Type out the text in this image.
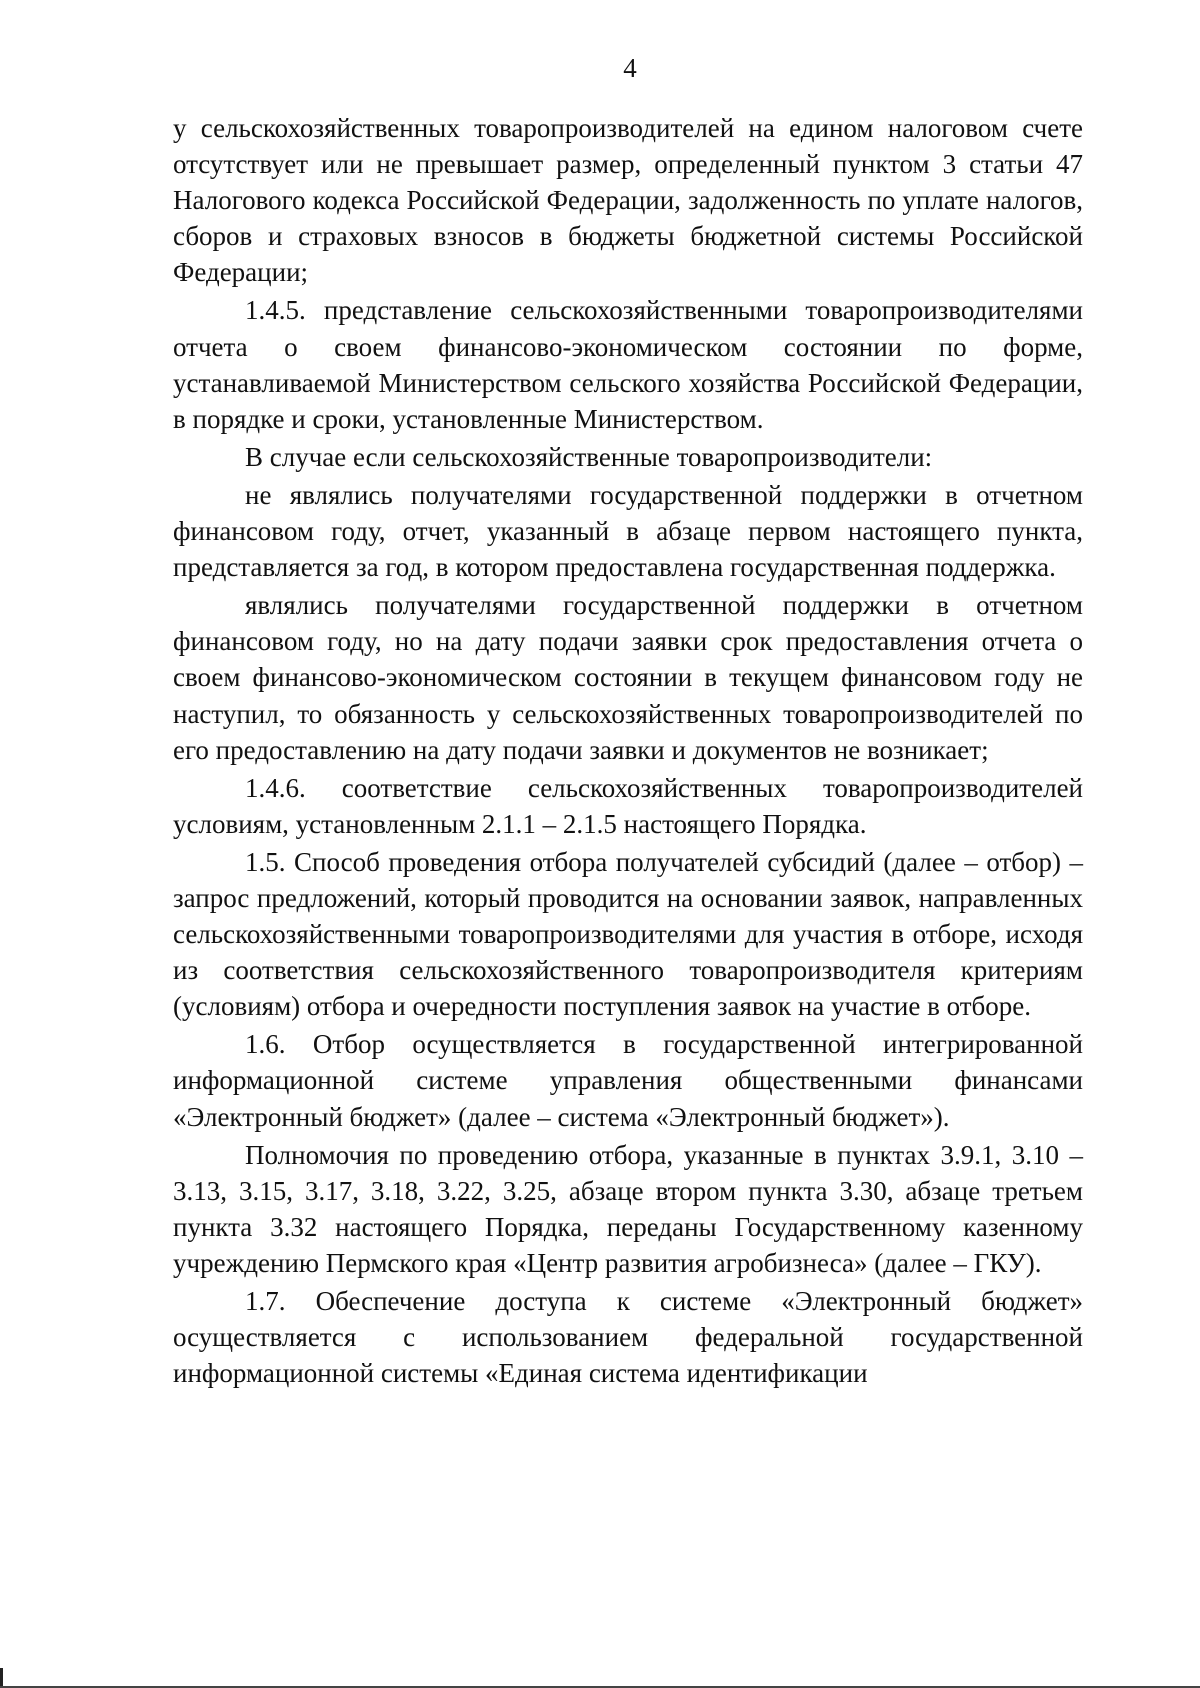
4

у сельскохозяйственных товаропроизводителей на едином налоговом счете отсутствует или не превышает размер, определенный пунктом 3 статьи 47 Налогового кодекса Российской Федерации, задолженность по уплате налогов, сборов и страховых взносов в бюджеты бюджетной системы Российской Федерации;

1.4.5. представление сельскохозяйственными товаропроизводителями отчета о своем финансово-экономическом состоянии по форме, устанавливаемой Министерством сельского хозяйства Российской Федерации, в порядке и сроки, установленные Министерством.

В случае если сельскохозяйственные товаропроизводители:

не являлись получателями государственной поддержки в отчетном финансовом году, отчет, указанный в абзаце первом настоящего пункта, представляется за год, в котором предоставлена государственная поддержка.

являлись получателями государственной поддержки в отчетном финансовом году, но на дату подачи заявки срок предоставления отчета о своем финансово-экономическом состоянии в текущем финансовом году не наступил, то обязанность у сельскохозяйственных товаропроизводителей по его предоставлению на дату подачи заявки и документов не возникает;

1.4.6. соответствие сельскохозяйственных товаропроизводителей условиям, установленным 2.1.1 – 2.1.5 настоящего Порядка.

1.5. Способ проведения отбора получателей субсидий (далее – отбор) – запрос предложений, который проводится на основании заявок, направленных сельскохозяйственными товаропроизводителями для участия в отборе, исходя из соответствия сельскохозяйственного товаропроизводителя критериям (условиям) отбора и очередности поступления заявок на участие в отборе.

1.6. Отбор осуществляется в государственной интегрированной информационной системе управления общественными финансами «Электронный бюджет» (далее – система «Электронный бюджет»).

Полномочия по проведению отбора, указанные в пунктах 3.9.1, 3.10 – 3.13, 3.15, 3.17, 3.18, 3.22, 3.25, абзаце втором пункта 3.30, абзаце третьем пункта 3.32 настоящего Порядка, переданы Государственному казенному учреждению Пермского края «Центр развития агробизнеса» (далее – ГКУ).

1.7. Обеспечение доступа к системе «Электронный бюджет» осуществляется с использованием федеральной государственной информационной системы «Единая система идентификации
